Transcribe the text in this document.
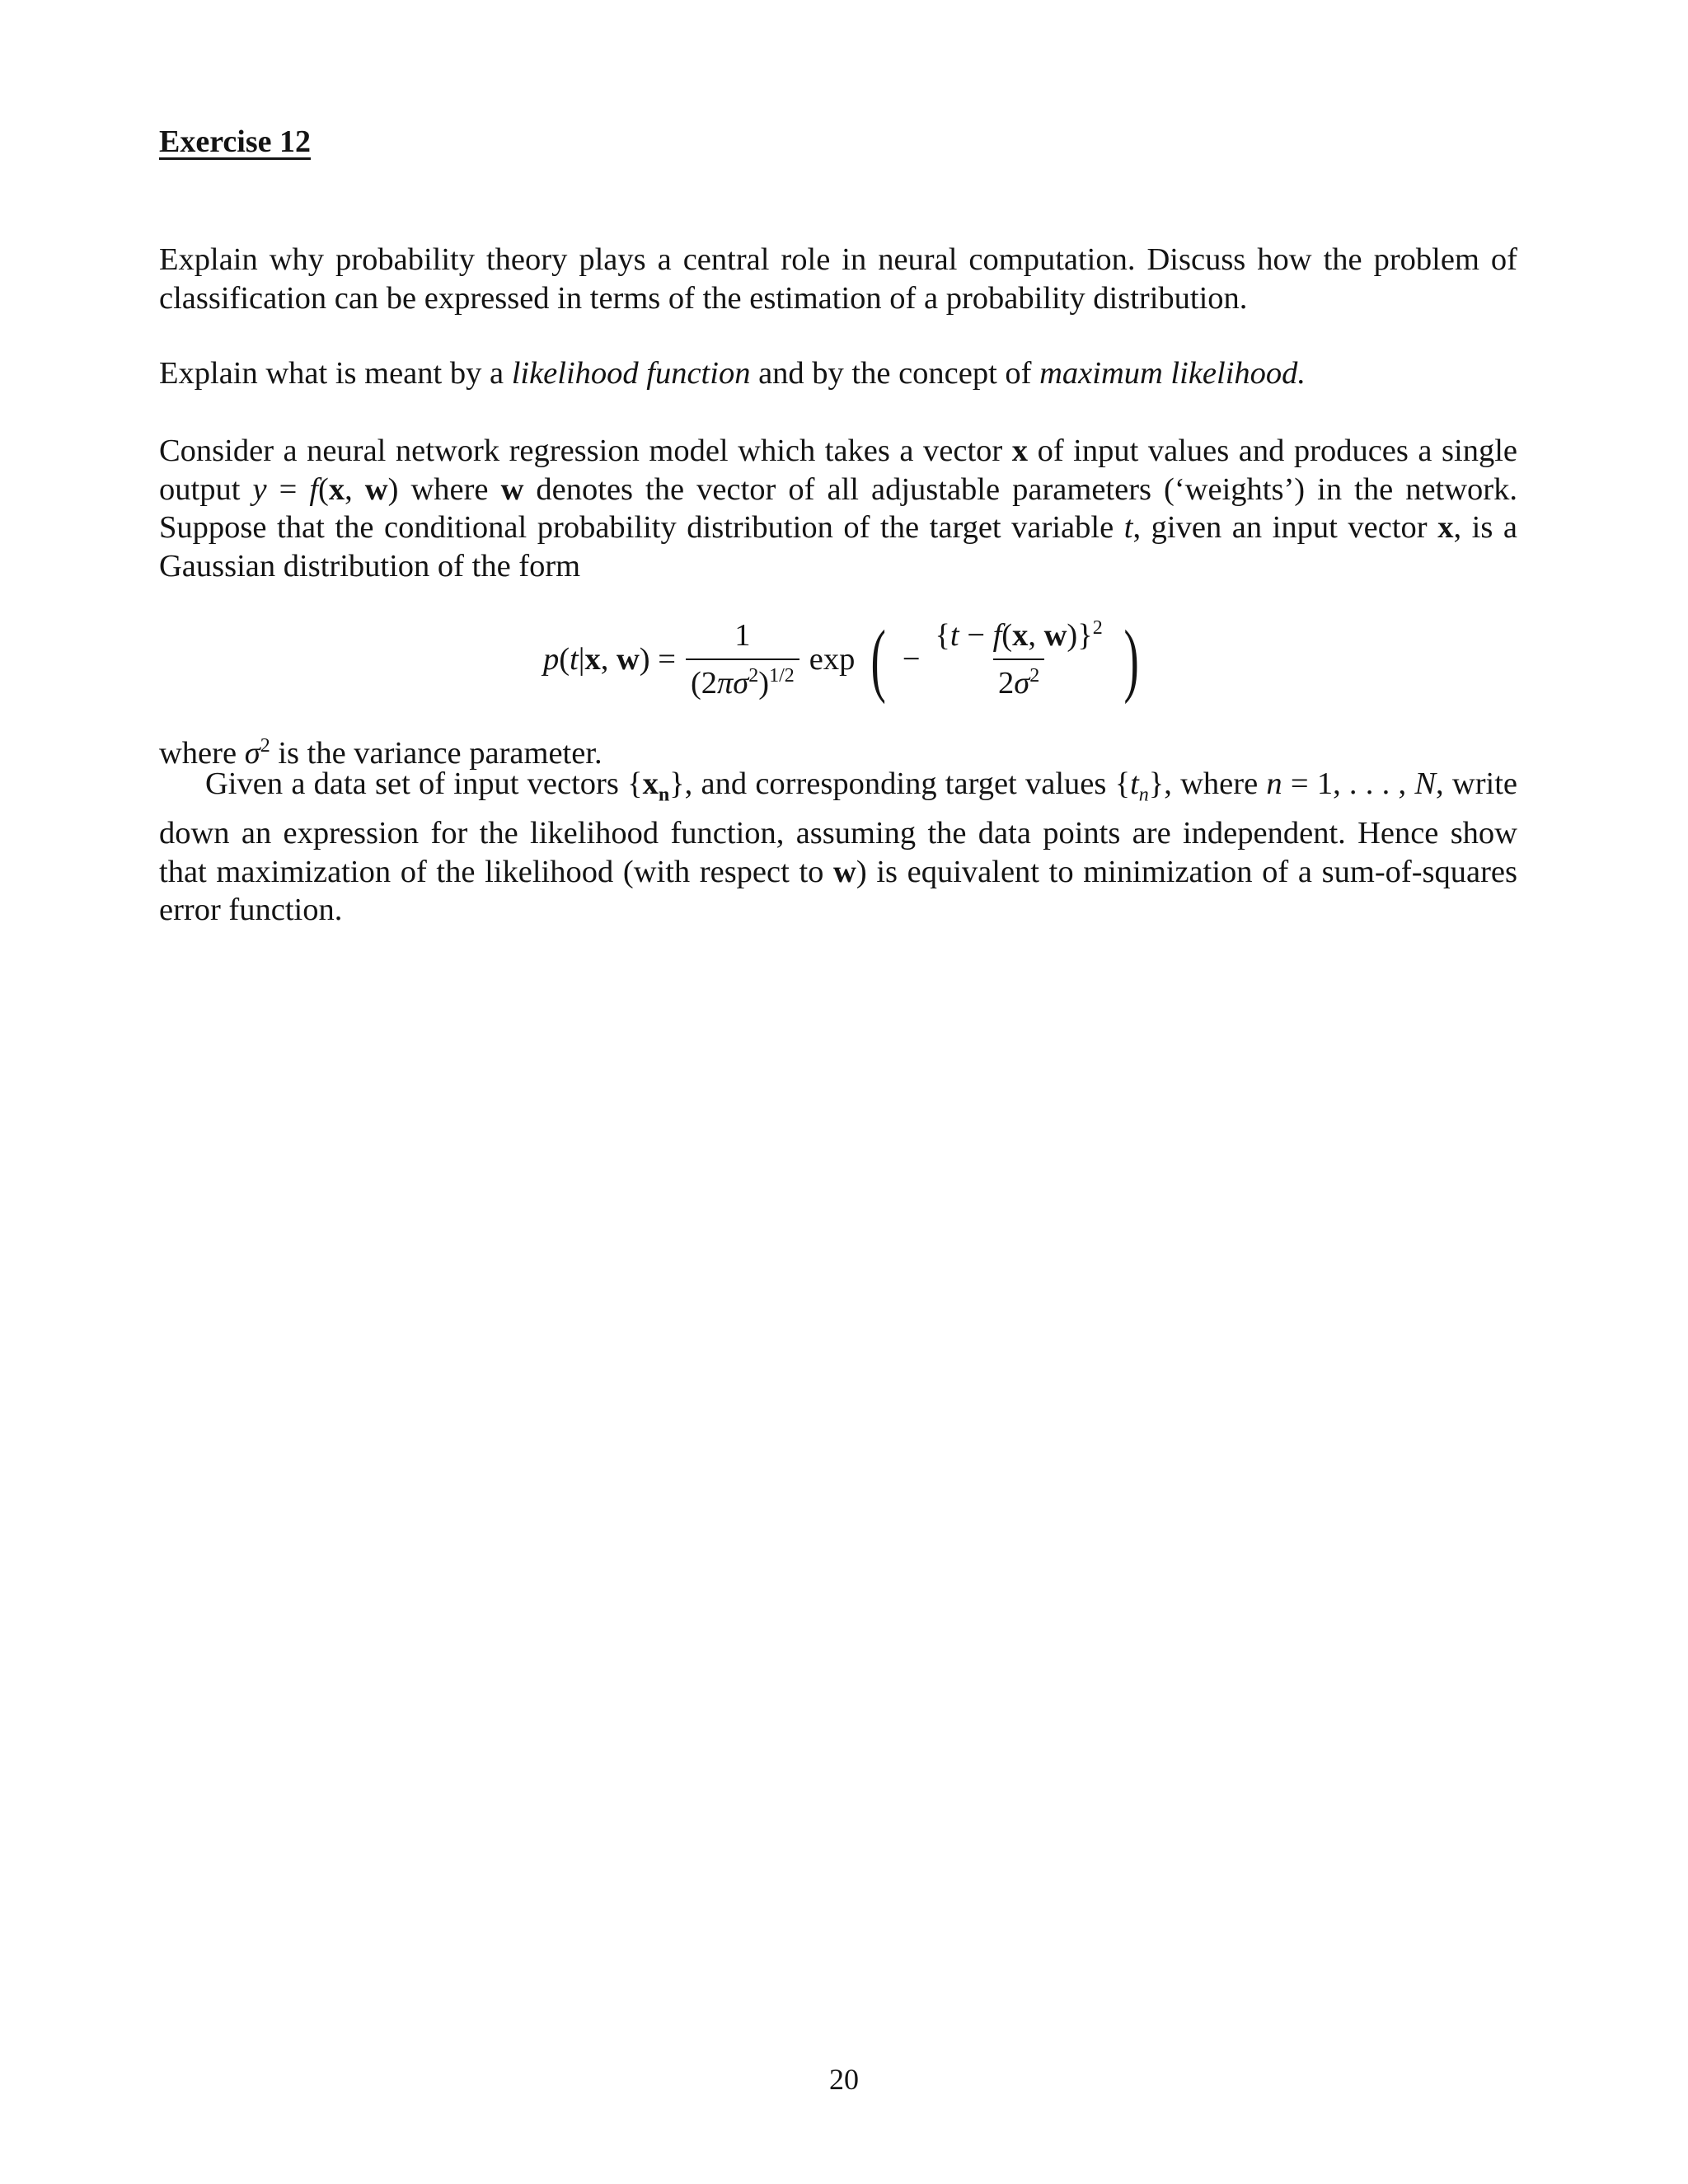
Exercise 12

Explain why probability theory plays a central role in neural computation. Discuss how the problem of classification can be expressed in terms of the estimation of a probability distribution.

Explain what is meant by a likelihood function and by the concept of maximum likelihood.

Consider a neural network regression model which takes a vector x of input values and produces a single output y = f(x, w) where w denotes the vector of all adjustable parameters (‘weights’) in the network. Suppose that the conditional probability distribution of the target variable t, given an input vector x, is a Gaussian distribution of the form

p(t|x, $w) = \frac{1}{(2\pi\sigma^2)^{1/2}}$ exp ( − $\frac{\{t - f(x, w)\}^2}{2\sigma^2}$ )

where $\sigma^2$ is the variance parameter.

Given a data set of input vectors $\{x_n\}$, and corresponding target values $\{t_n\}$, where n = 1, . . . , N, write down an expression for the likelihood function, assuming the data points are independent. Hence show that maximization of the likelihood (with respect to w) is equivalent to minimization of a sum-of-squares error function.

20
